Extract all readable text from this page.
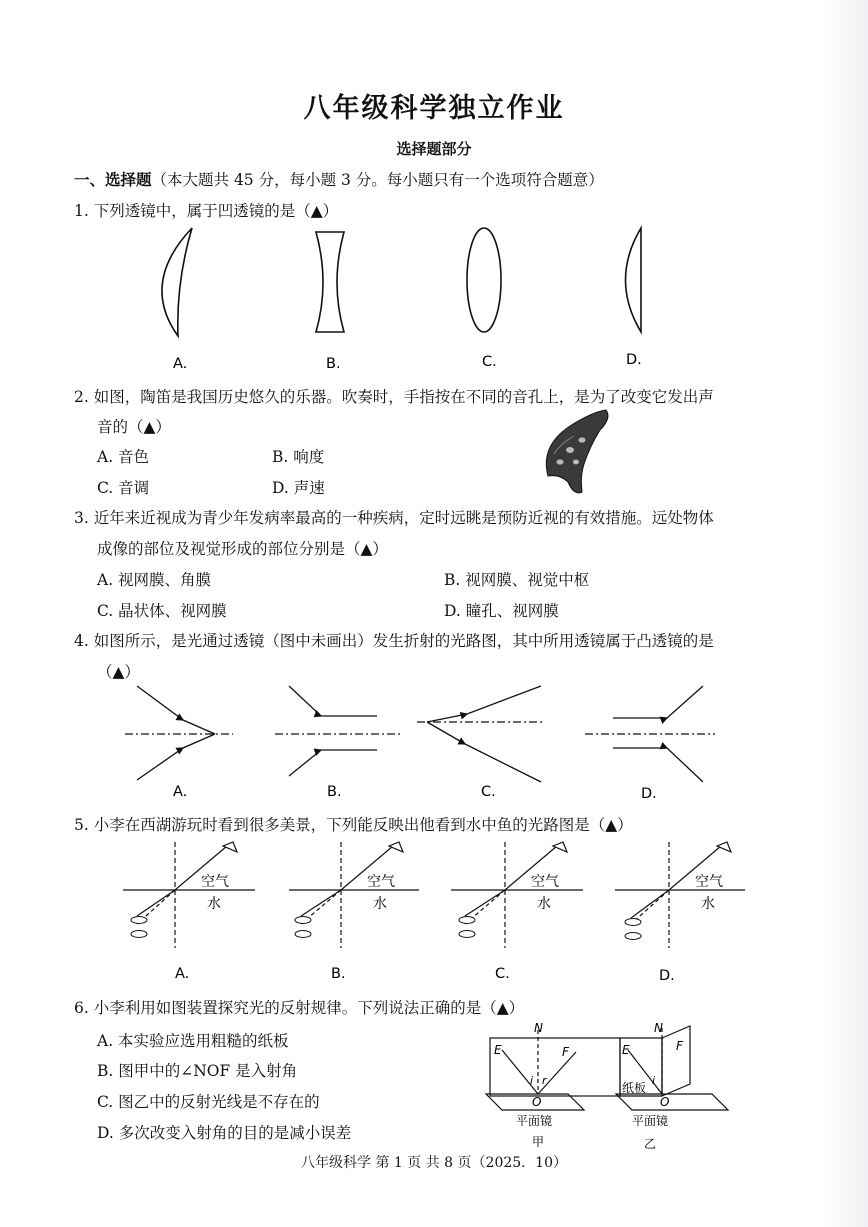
八年级科学独立作业
选择题部分
一、选择题（本大题共 45 分，每小题 3 分。每小题只有一个选项符合题意）
1. 下列透镜中，属于凹透镜的是（▲）
A.	B.	C.	D.
2. 如图，陶笛是我国历史悠久的乐器。吹奏时，手指按在不同的音孔上，是为了改变它发出声
音的（▲）
A. 音色	B. 响度
C. 音调	D. 声速
3. 近年来近视成为青少年发病率最高的一种疾病，定时远眺是预防近视的有效措施。远处物体
成像的部位及视觉形成的部位分别是（▲）
A. 视网膜、角膜	B. 视网膜、视觉中枢
C. 晶状体、视网膜	D. 瞳孔、视网膜
4. 如图所示，是光通过透镜（图中未画出）发生折射的光路图，其中所用透镜属于凸透镜的是
（▲）
A.	B.	C.	D.
5. 小李在西湖游玩时看到很多美景，下列能反映出他看到水中鱼的光路图是（▲）
空气
水
空气
水
空气
水
空气
水
A.	B.	C.	D.
6. 小李利用如图装置探究光的反射规律。下列说法正确的是（▲）
A. 本实验应选用粗糙的纸板
B. 图甲中的∠NOF 是入射角
C. 图乙中的反射光线是不存在的
D. 多次改变入射角的目的是减小误差
N
E	F
i r
O
平面镜
甲
N
E	F
纸板
i
O
平面镜
乙
八年级科学 第 1 页 共 8 页（2025．10）
